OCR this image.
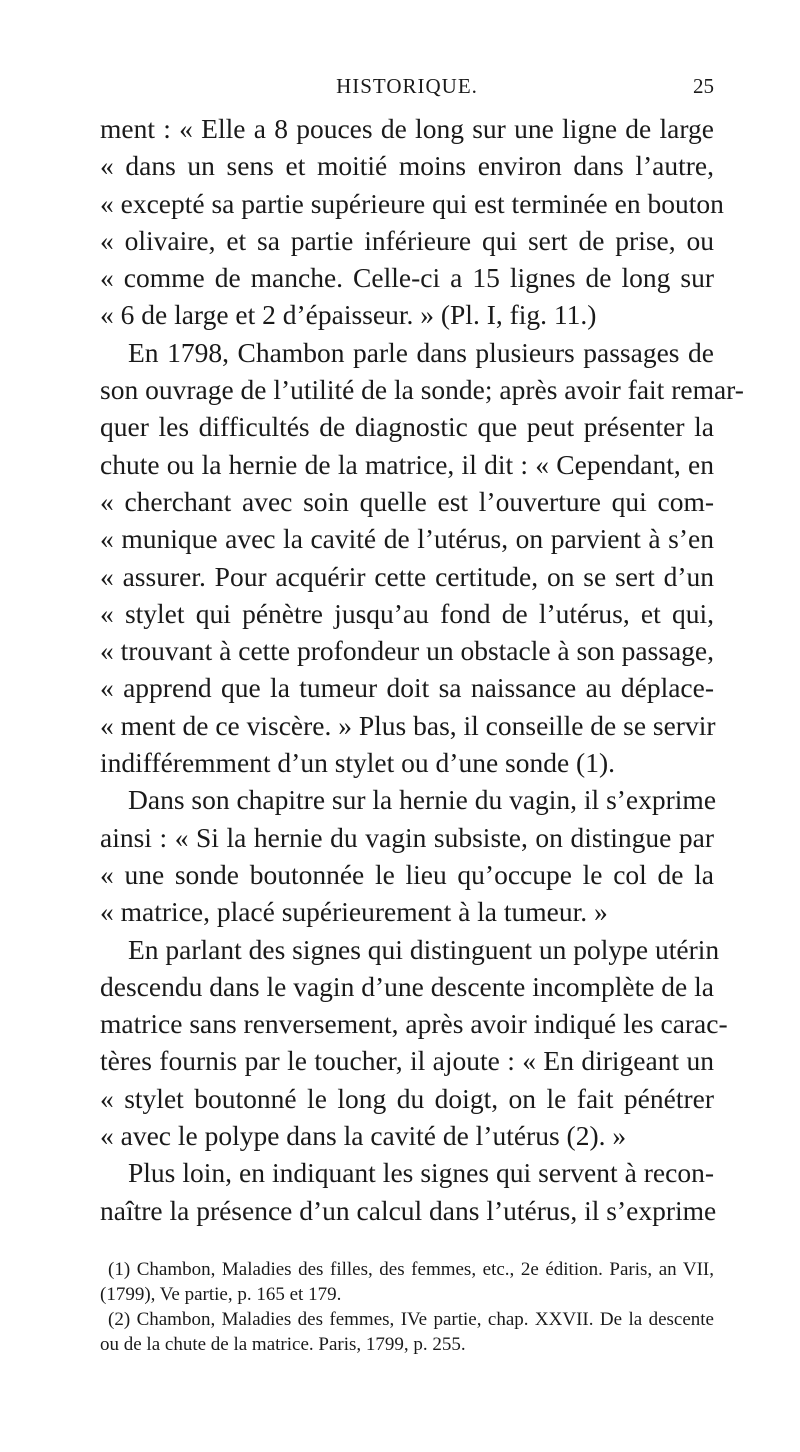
HISTORIQUE.	25
ment : « Elle a 8 pouces de long sur une ligne de large
« dans un sens et moitié moins environ dans l’autre,
« excepté sa partie supérieure qui est terminée en bouton
« olivaire, et sa partie inférieure qui sert de prise, ou
« comme de manche. Celle-ci a 15 lignes de long sur
« 6 de large et 2 d’épaisseur. » (Pl. I, fig. 11.)
En 1798, Chambon parle dans plusieurs passages de
son ouvrage de l’utilité de la sonde; après avoir fait remar-
quer les difficultés de diagnostic que peut présenter la
chute ou la hernie de la matrice, il dit : « Cependant, en
« cherchant avec soin quelle est l’ouverture qui com-
« munique avec la cavité de l’utérus, on parvient à s’en
« assurer. Pour acquérir cette certitude, on se sert d’un
« stylet qui pénètre jusqu’au fond de l’utérus, et qui,
« trouvant à cette profondeur un obstacle à son passage,
« apprend que la tumeur doit sa naissance au déplace-
« ment de ce viscère. » Plus bas, il conseille de se servir
indifféremment d’un stylet ou d’une sonde (1).
Dans son chapitre sur la hernie du vagin, il s’exprime
ainsi : « Si la hernie du vagin subsiste, on distingue par
« une sonde boutonnée le lieu qu’occupe le col de la
« matrice, placé supérieurement à la tumeur. »
En parlant des signes qui distinguent un polype utérin
descendu dans le vagin d’une descente incomplète de la
matrice sans renversement, après avoir indiqué les carac-
tères fournis par le toucher, il ajoute : « En dirigeant un
« stylet boutonné le long du doigt, on le fait pénétrer
« avec le polype dans la cavité de l’utérus (2). »
Plus loin, en indiquant les signes qui servent à recon-
naître la présence d’un calcul dans l’utérus, il s’exprime
(1) Chambon, Maladies des filles, des femmes, etc., 2e édition. Paris, an VII,
(1799), Ve partie, p. 165 et 179.
(2) Chambon, Maladies des femmes, IVe partie, chap. XXVII. De la descente
ou de la chute de la matrice. Paris, 1799, p. 255.
